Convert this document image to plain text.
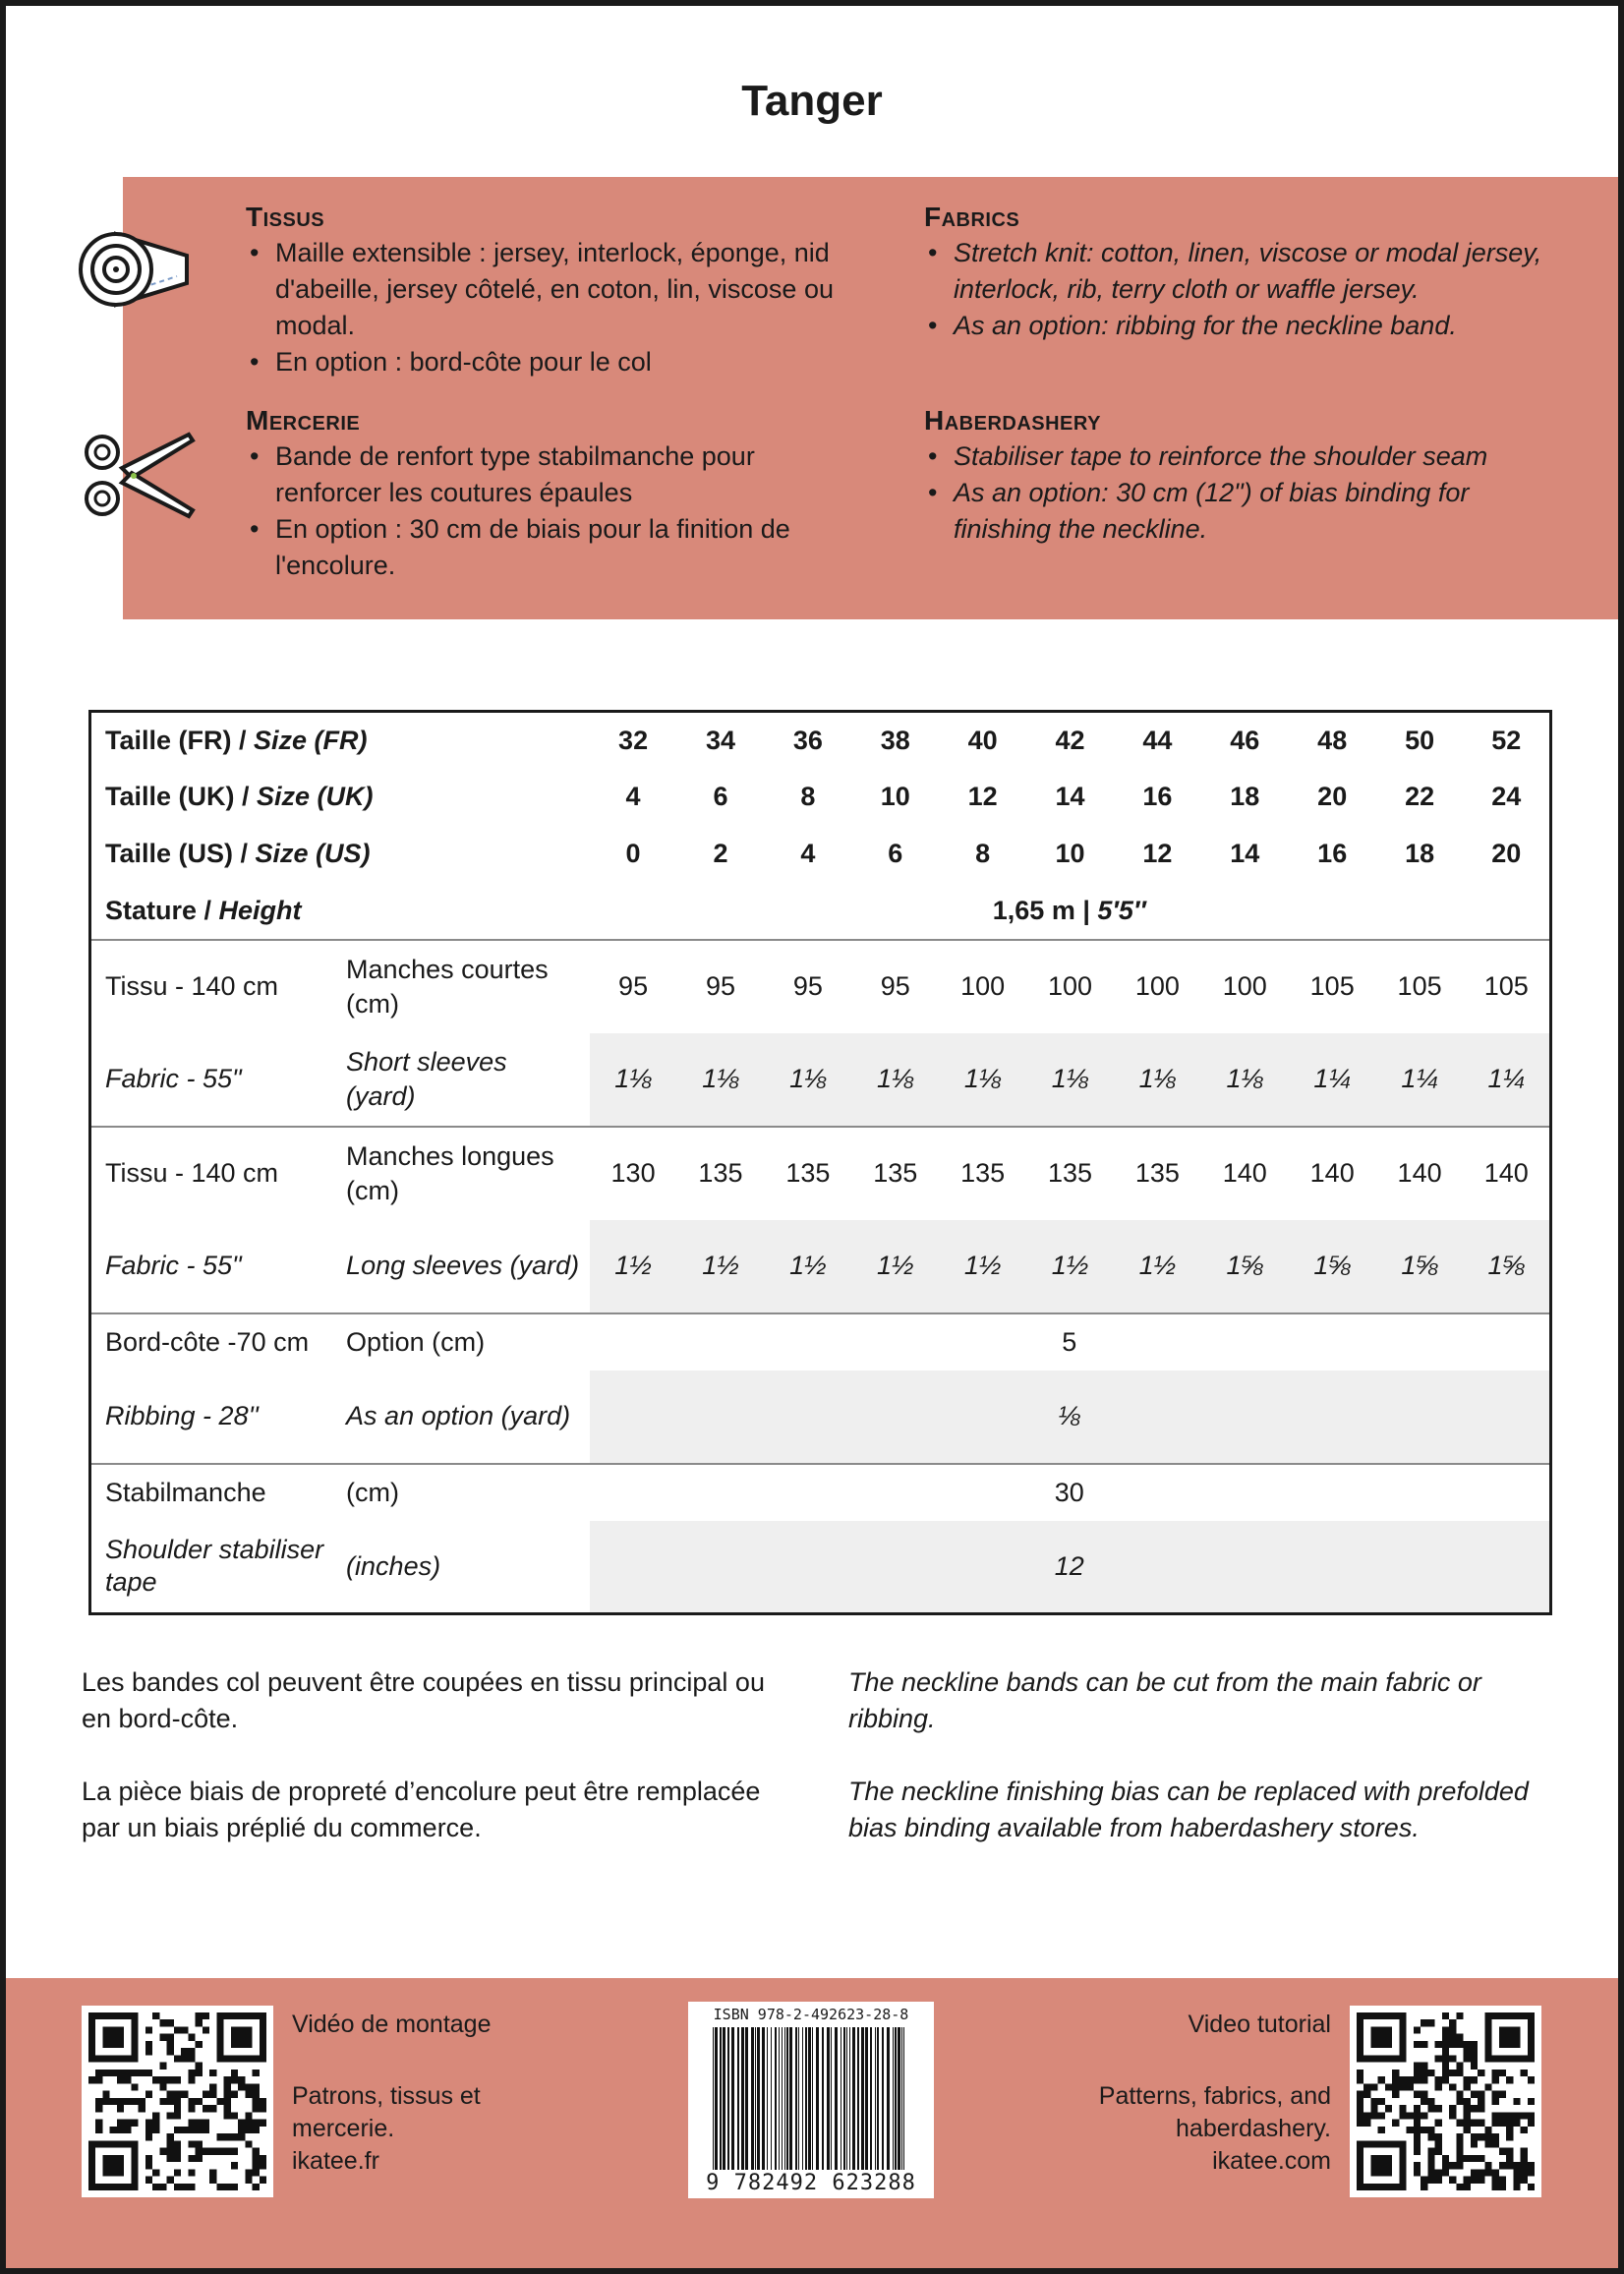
Tanger
Tissus
• Maille extensible : jersey, interlock, éponge, nid d'abeille, jersey côtelé, en coton, lin, viscose ou modal.
• En option : bord-côte pour le col
Fabrics
• Stretch knit: cotton, linen, viscose or modal jersey, interlock, rib, terry cloth or waffle jersey.
• As an option: ribbing for the neckline band.
Mercerie
• Bande de renfort type stabilmanche pour renforcer les coutures épaules
• En option : 30 cm de biais pour la finition de l'encolure.
Haberdashery
• Stabiliser tape to reinforce the shoulder seam
• As an option: 30 cm (12") of bias binding for finishing the neckline.
Taille (FR) / Size (FR)		32	34	36	38	40	42	44	46	48	50	52
Taille (UK) / Size (UK)		4	6	8	10	12	14	16	18	20	22	24
Taille (US) / Size (US)		0	2	4	6	8	10	12	14	16	18	20
Stature / Height		1,65 m | 5′5″										
Tissu - 140 cm	Manches courtes (cm)	95	95	95	95	100	100	100	100	105	105	105
Fabric - 55"	Short sleeves (yard)	1⅛	1⅛	1⅛	1⅛	1⅛	1⅛	1⅛	1⅛	1¼	1¼	1¼
Tissu - 140 cm	Manches longues (cm)	130	135	135	135	135	135	135	140	140	140	140
Fabric - 55"	Long sleeves (yard)	1½	1½	1½	1½	1½	1½	1½	1⅝	1⅝	1⅝	1⅝
Bord-côte -70 cm	Option (cm)	5										
Ribbing - 28''	As an option (yard)	⅛										
Stabilmanche	(cm)	30										
Shoulder stabiliser tape	(inches)	12										

Les bandes col peuvent être coupées en tissu principal ou en bord-côte.

La pièce biais de propreté d’encolure peut être remplacée par un biais préplié du commerce.

The neckline bands can be cut from the main fabric or ribbing.

The neckline finishing bias can be replaced with prefolded bias binding available from haberdashery stores.

Vidéo de montage
Patrons, tissus et mercerie.
ikatee.fr
Video tutorial
Patterns, fabrics, and haberdashery.
ikatee.com
ISBN 978-2-492623-28-8
9 782492 623288
